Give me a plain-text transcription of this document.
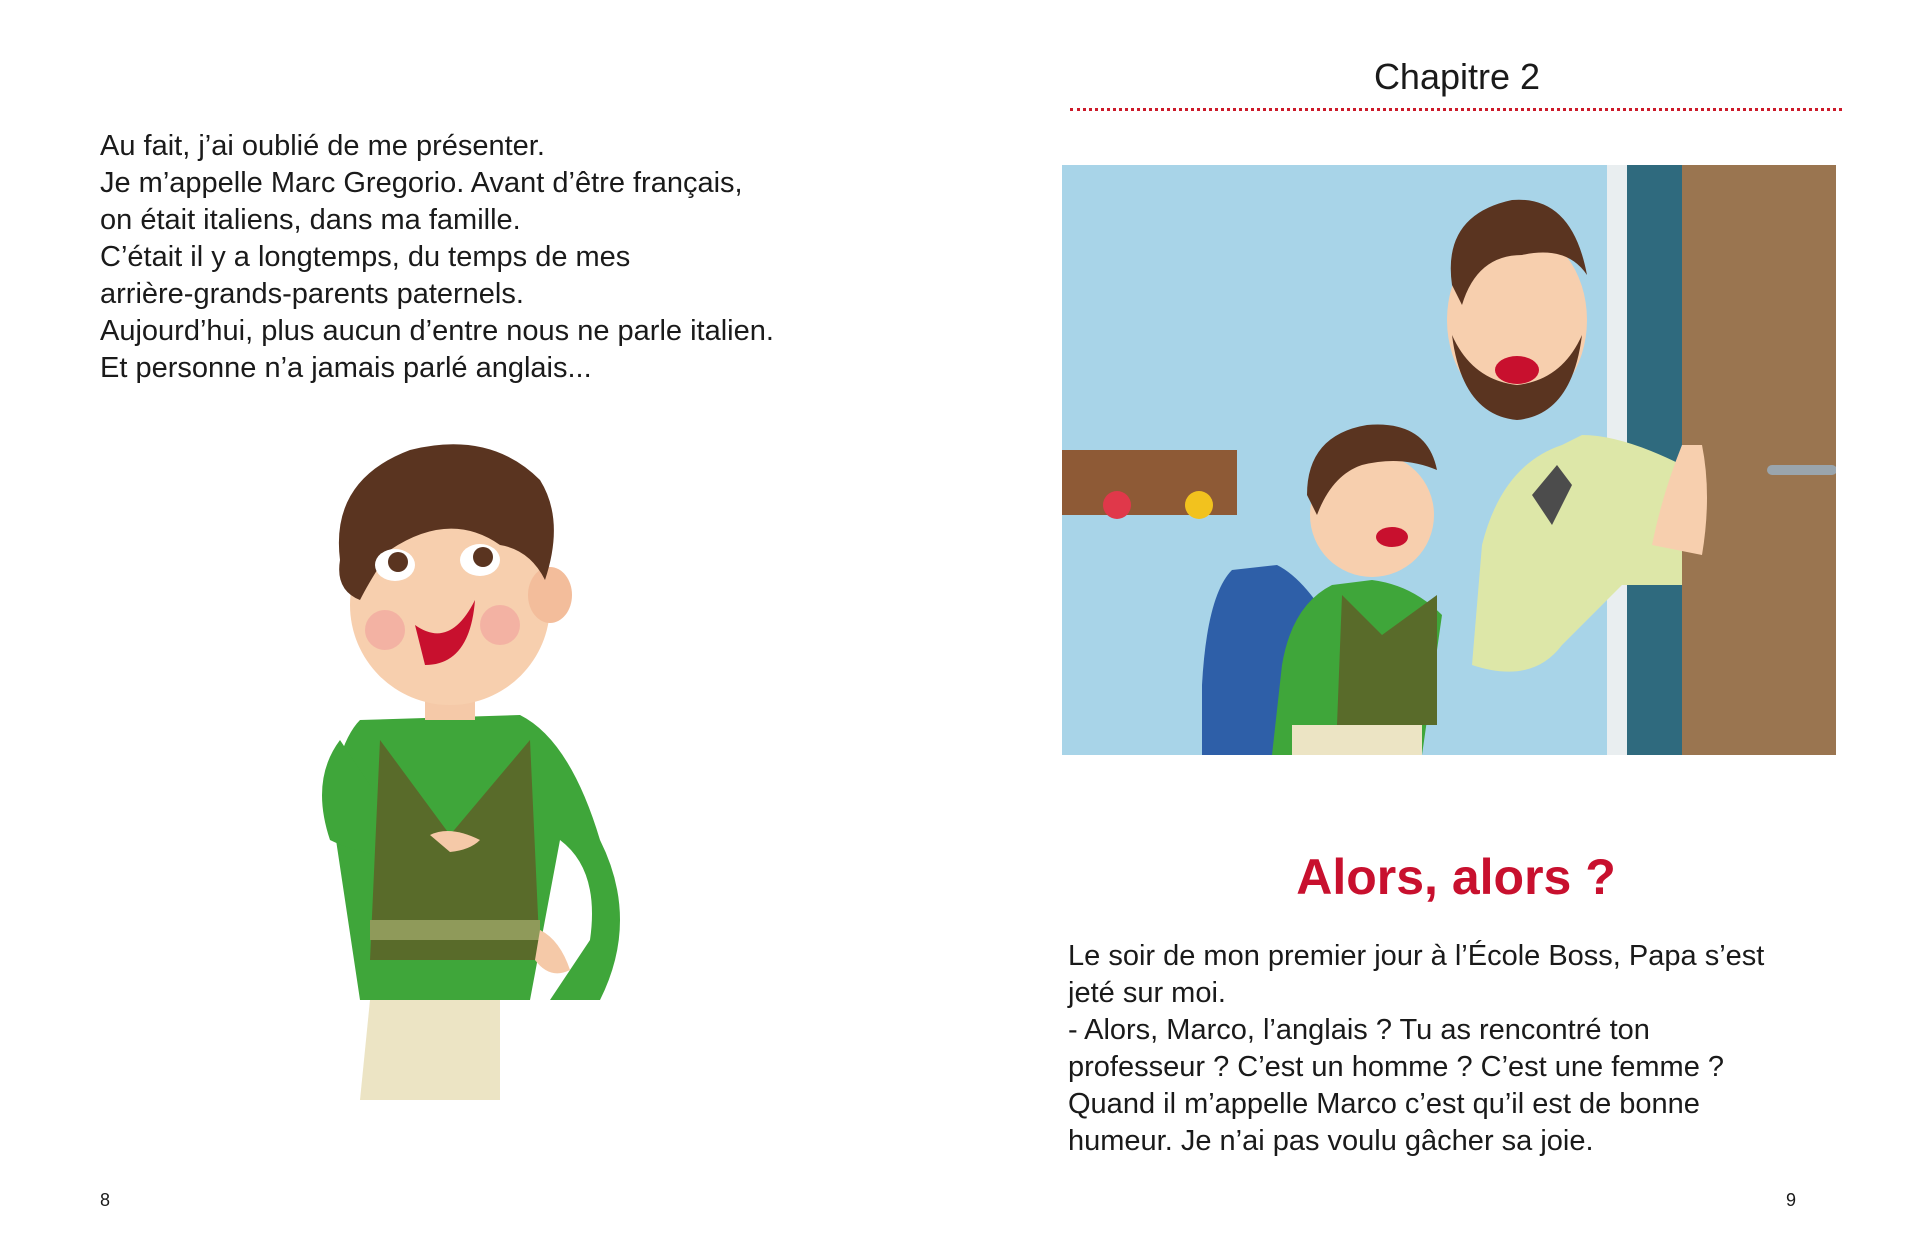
Au fait, j’ai oublié de me présenter.

Je m’appelle Marc Gregorio. Avant d’être français,

on était italiens, dans ma famille.

C’était il y a longtemps, du temps de mes

arrière-grands-parents paternels.

Aujourd’hui, plus aucun d’entre nous ne parle italien.

Et personne n’a jamais parlé anglais...

Chapitre 2
Alors, alors ?

Le soir de mon premier jour à l’École Boss, Papa s’est

jeté sur moi.

- Alors, Marco, l’anglais ? Tu as rencontré ton

professeur ? C’est un homme ? C’est une femme ?

Quand il m’appelle Marco c’est qu’il est de bonne

humeur. Je n’ai pas voulu gâcher sa joie.

8	9
